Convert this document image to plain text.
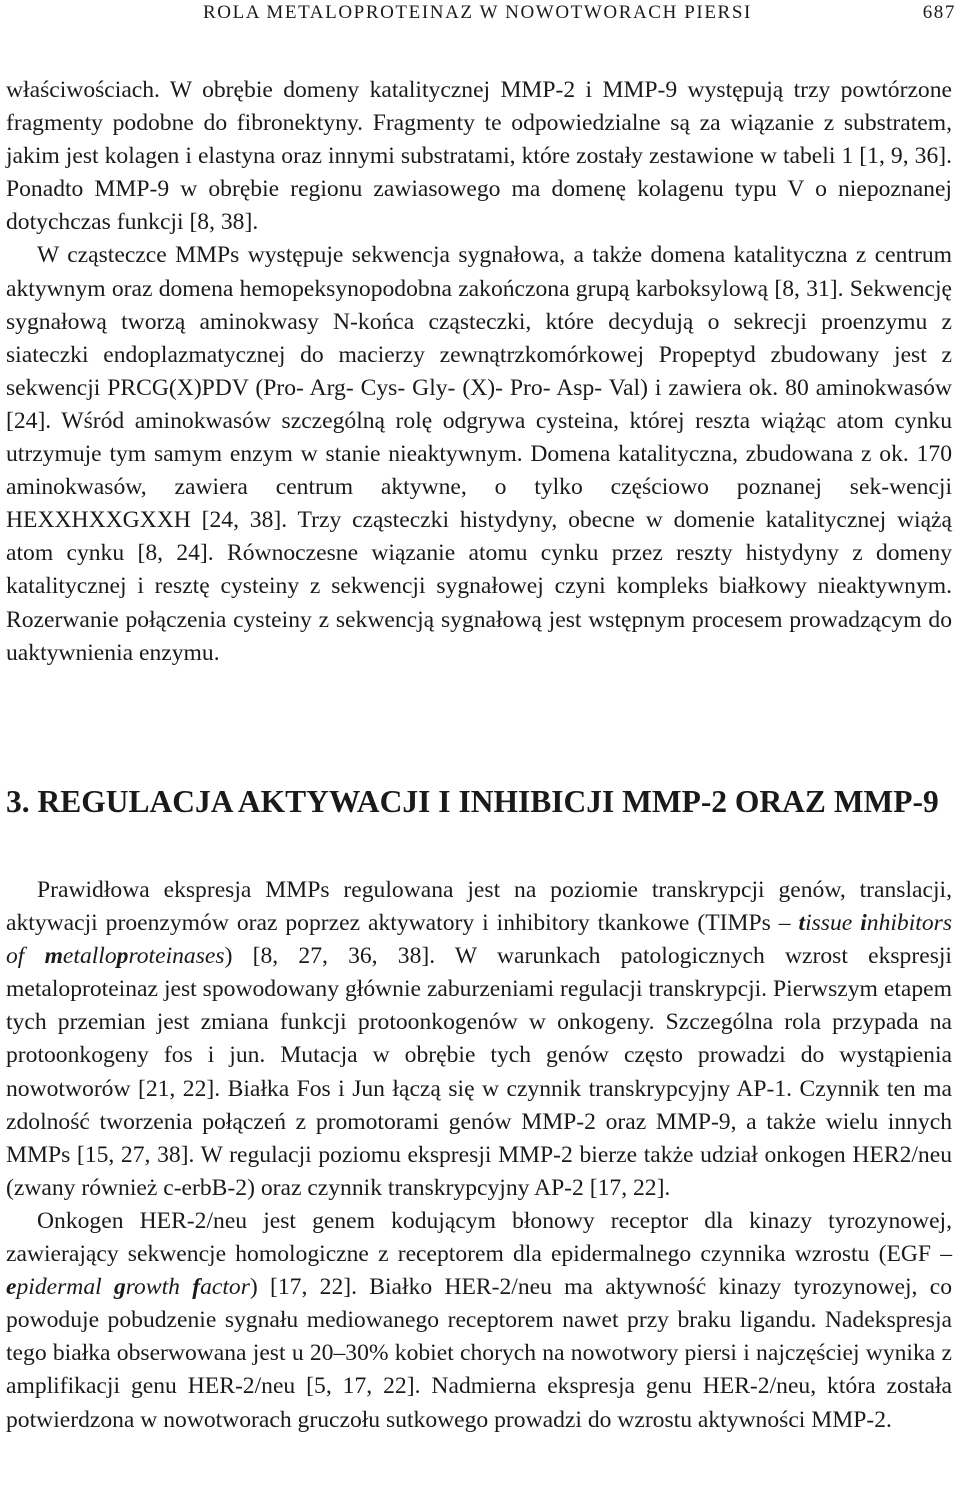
ROLA METALOPROTEINAZ W NOWOTWORACH PIERSI	687

właściwościach. W obrębie domeny katalitycznej MMP-2 i MMP-9 występują trzy powtórzone fragmenty podobne do fibronektyny. Fragmenty te odpowiedzialne są za wiązanie z substratem, jakim jest kolagen i elastyna oraz innymi substratami, które zostały zestawione w tabeli 1 [1, 9, 36]. Ponadto MMP-9 w obrębie regionu zawiasowego ma domenę kolagenu typu V o niepoznanej dotychczas funkcji [8, 38].

W cząsteczce MMPs występuje sekwencja sygnałowa, a także domena katalityczna z centrum aktywnym oraz domena hemopeksynopodobna zakończona grupą karboksylową [8, 31]. Sekwencję sygnałową tworzą aminokwasy N-końca cząsteczki, które decydują o sekrecji proenzymu z siateczki endoplazmatycznej do macierzy zewnątrzkomórkowej Propeptyd zbudowany jest z sekwencji PRCG(X)PDV (Pro- Arg- Cys- Gly- (X)- Pro- Asp- Val) i zawiera ok. 80 aminokwasów [24]. Wśród aminokwasów szczególną rolę odgrywa cysteina, której reszta wiążąc atom cynku utrzymuje tym samym enzym w stanie nieaktywnym. Domena katalityczna, zbudowana z ok. 170 aminokwasów, zawiera centrum aktywne, o tylko częściowo poznanej sek-wencji HEXXHXXGXXH [24, 38]. Trzy cząsteczki histydyny, obecne w domenie katalitycznej wiążą atom cynku [8, 24]. Równoczesne wiązanie atomu cynku przez reszty histydyny z domeny katalitycznej i resztę cysteiny z sekwencji sygnałowej czyni kompleks białkowy nieaktywnym. Rozerwanie połączenia cysteiny z sekwencją sygnałową jest wstępnym procesem prowadzącym do uaktywnienia enzymu.

3. REGULACJA AKTYWACJI I INHIBICJI MMP-2 ORAZ MMP-9

Prawidłowa ekspresja MMPs regulowana jest na poziomie transkrypcji genów, translacji, aktywacji proenzymów oraz poprzez aktywatory i inhibitory tkankowe (TIMPs – tissue inhibitors of metalloproteinases) [8, 27, 36, 38]. W warunkach patologicznych wzrost ekspresji metaloproteinaz jest spowodowany głównie zaburzeniami regulacji transkrypcji. Pierwszym etapem tych przemian jest zmiana funkcji protoonkogenów w onkogeny. Szczególna rola przypada na protoonkogeny fos i jun. Mutacja w obrębie tych genów często prowadzi do wystąpienia nowotworów [21, 22]. Białka Fos i Jun łączą się w czynnik transkrypcyjny AP-1. Czynnik ten ma zdolność tworzenia połączeń z promotorami genów MMP-2 oraz MMP-9, a także wielu innych MMPs [15, 27, 38]. W regulacji poziomu ekspresji MMP-2 bierze także udział onkogen HER2/neu (zwany również c-erbB-2) oraz czynnik transkrypcyjny AP-2 [17, 22].

Onkogen HER-2/neu jest genem kodującym błonowy receptor dla kinazy tyrozynowej, zawierający sekwencje homologiczne z receptorem dla epidermalnego czynnika wzrostu (EGF – epidermal growth factor) [17, 22]. Białko HER-2/neu ma aktywność kinazy tyrozynowej, co powoduje pobudzenie sygnału mediowanego receptorem nawet przy braku ligandu. Nadekspresja tego białka obserwowana jest u 20–30% kobiet chorych na nowotwory piersi i najczęściej wynika z amplifikacji genu HER-2/neu [5, 17, 22]. Nadmierna ekspresja genu HER-2/neu, która została potwierdzona w nowotworach gruczołu sutkowego prowadzi do wzrostu aktywności MMP-2.
